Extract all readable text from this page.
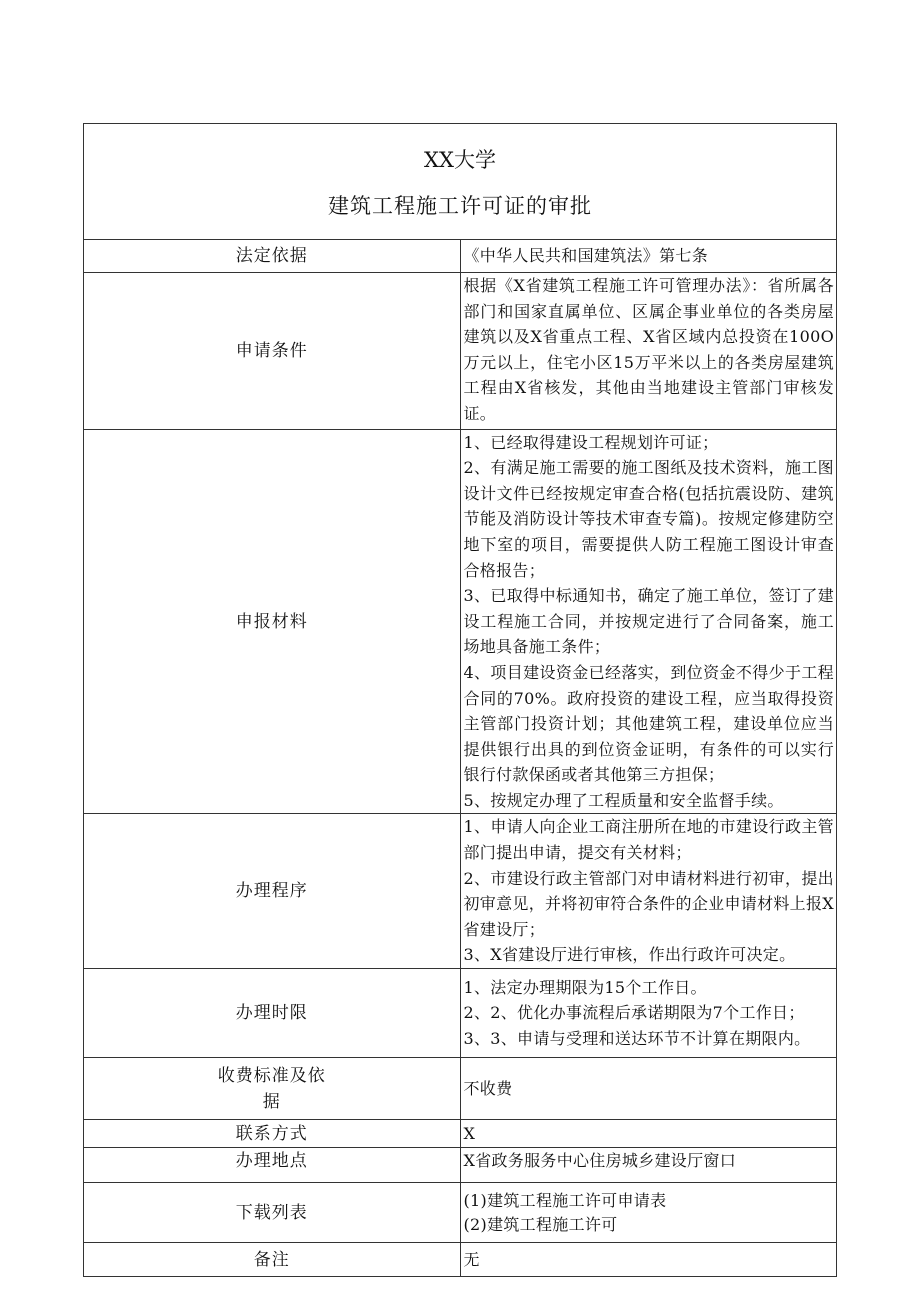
XX大学
建筑工程施工许可证的审批	

法定依据	《中华人民共和国建筑法》第七条
申请条件	根据《X省建筑工程施工许可管理办法》：省所属各部门和国家直属单位、区属企事业单位的各类房屋建筑以及X省重点工程、X省区域内总投资在100O万元以上，住宅小区15万平米以上的各类房屋建筑工程由X省核发，其他由当地建设主管部门审核发证。

申报材料	1、已经取得建设工程规划许可证；
2、有满足施工需要的施工图纸及技术资料，施工图设计文件已经按规定审查合格(包括抗震设防、建筑节能及消防设计等技术审查专篇)。按规定修建防空地下室的项目，需要提供人防工程施工图设计审查合格报告；
3、已取得中标通知书，确定了施工单位，签订了建设工程施工合同，并按规定进行了合同备案，施工场地具备施工条件；
4、项目建设资金已经落实，到位资金不得少于工程合同的70%。政府投资的建设工程，应当取得投资主管部门投资计划；其他建筑工程，建设单位应当提供银行出具的到位资金证明，有条件的可以实行银行付款保函或者其他第三方担保；
5、按规定办理了工程质量和安全监督手续。

办理程序	1、申请人向企业工商注册所在地的市建设行政主管部门提出申请，提交有关材料；
2、市建设行政主管部门对申请材料进行初审，提出初审意见，并将初审符合条件的企业申请材料上报X省建设厅；
3、X省建设厅进行审核，作出行政许可决定。

办理时限	1、法定办理期限为15个工作日。
2、2、优化办事流程后承诺期限为7个工作日；
3、3、申请与受理和送达环节不计算在期限内。

收费标准及依
据	不收费
联系方式	X
办理地点	X省政务服务中心住房城乡建设厅窗口
下载列表	(1)建筑工程施工许可申请表
(2)建筑工程施工许可

备注	无
